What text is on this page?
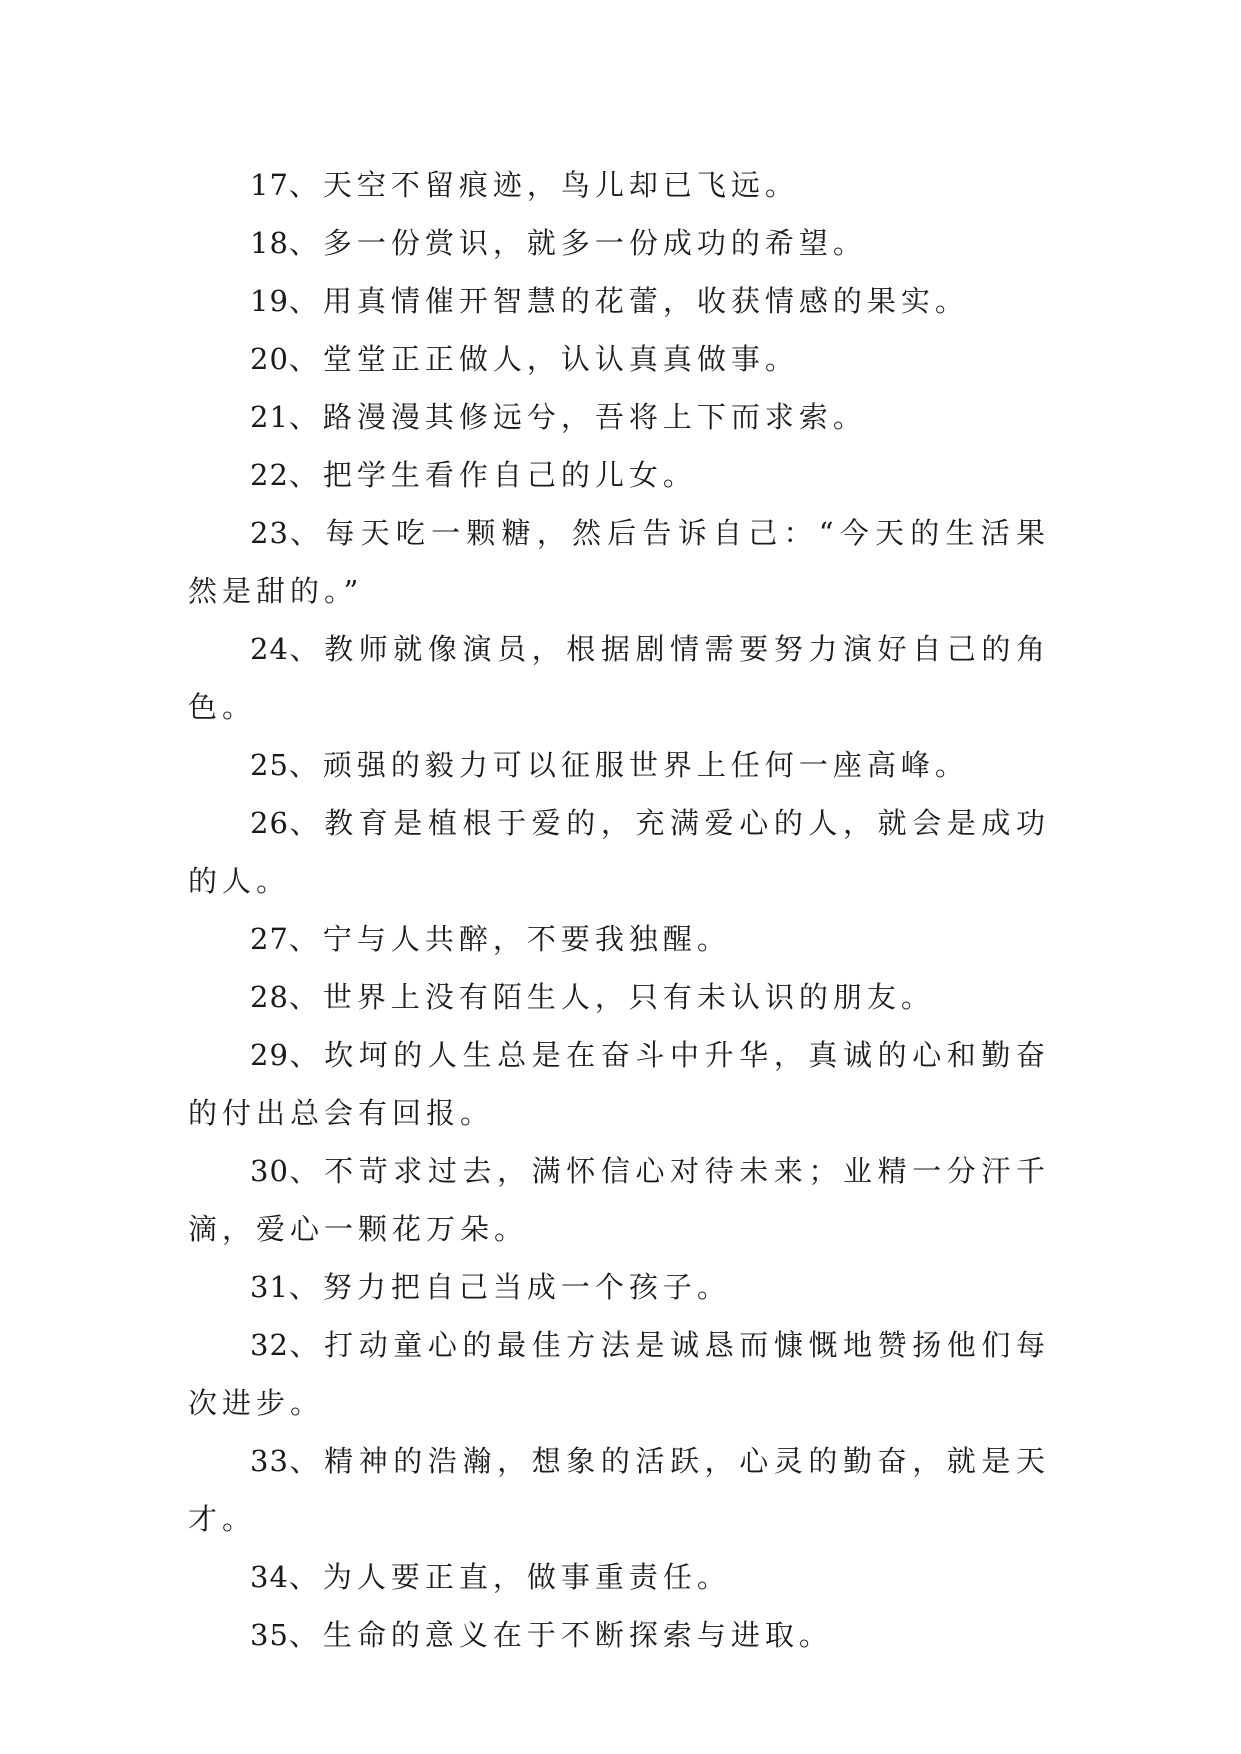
17、天空不留痕迹，鸟儿却已飞远。

18、多一份赏识，就多一份成功的希望。

19、用真情催开智慧的花蕾，收获情感的果实。

20、堂堂正正做人，认认真真做事。

21、路漫漫其修远兮，吾将上下而求索。

22、把学生看作自己的儿女。

23、每天吃一颗糖，然后告诉自己：“今天的生活果然是甜的。”

24、教师就像演员，根据剧情需要努力演好自己的角色。

25、顽强的毅力可以征服世界上任何一座高峰。

26、教育是植根于爱的，充满爱心的人，就会是成功的人。

27、宁与人共醉，不要我独醒。

28、世界上没有陌生人，只有未认识的朋友。

29、坎坷的人生总是在奋斗中升华，真诚的心和勤奋的付出总会有回报。

30、不苛求过去，满怀信心对待未来；业精一分汗千滴，爱心一颗花万朵。

31、努力把自己当成一个孩子。

32、打动童心的最佳方法是诚恳而慷慨地赞扬他们每次进步。

33、精神的浩瀚，想象的活跃，心灵的勤奋，就是天才。

34、为人要正直，做事重责任。

35、生命的意义在于不断探索与进取。
